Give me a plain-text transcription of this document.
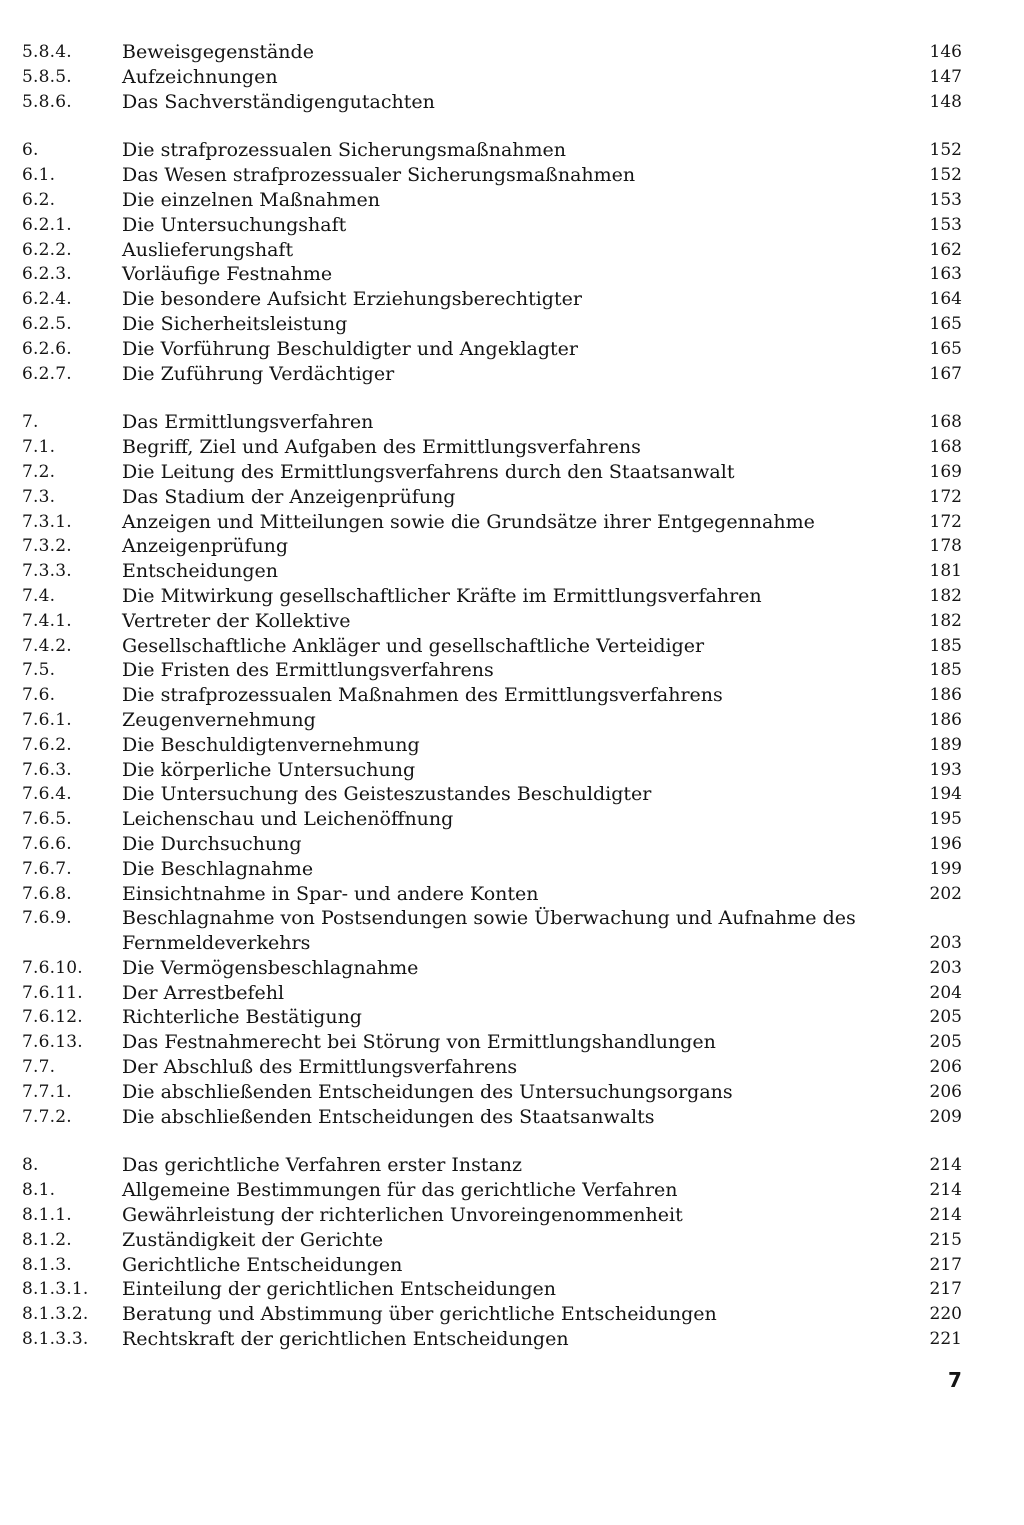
5.8.4.	Beweisgegenstände	146
5.8.5.	Aufzeichnungen	147
5.8.6.	Das Sachverständigengutachten	148
6.	Die strafprozessualen Sicherungsmaßnahmen	152
6.1.	Das Wesen strafprozessualer Sicherungsmaßnahmen	152
6.2.	Die einzelnen Maßnahmen	153
6.2.1.	Die Untersuchungshaft	153
6.2.2.	Auslieferungshaft	162
6.2.3.	Vorläufige Festnahme	163
6.2.4.	Die besondere Aufsicht Erziehungsberechtigter	164
6.2.5.	Die Sicherheitsleistung	165
6.2.6.	Die Vorführung Beschuldigter und Angeklagter	165
6.2.7.	Die Zuführung Verdächtiger	167
7.	Das Ermittlungsverfahren	168
7.1.	Begriff, Ziel und Aufgaben des Ermittlungsverfahrens	168
7.2.	Die Leitung des Ermittlungsverfahrens durch den Staatsanwalt	169
7.3.	Das Stadium der Anzeigenprüfung	172
7.3.1.	Anzeigen und Mitteilungen sowie die Grundsätze ihrer Entgegennahme	172
7.3.2.	Anzeigenprüfung	178
7.3.3.	Entscheidungen	181
7.4.	Die Mitwirkung gesellschaftlicher Kräfte im Ermittlungsverfahren	182
7.4.1.	Vertreter der Kollektive	182
7.4.2.	Gesellschaftliche Ankläger und gesellschaftliche Verteidiger	185
7.5.	Die Fristen des Ermittlungsverfahrens	185
7.6.	Die strafprozessualen Maßnahmen des Ermittlungsverfahrens	186
7.6.1.	Zeugenvernehmung	186
7.6.2.	Die Beschuldigtenvernehmung	189
7.6.3.	Die körperliche Untersuchung	193
7.6.4.	Die Untersuchung des Geisteszustandes Beschuldigter	194
7.6.5.	Leichenschau und Leichenöffnung	195
7.6.6.	Die Durchsuchung	196
7.6.7.	Die Beschlagnahme	199
7.6.8.	Einsichtnahme in Spar- und andere Konten	202
7.6.9.	Beschlagnahme von Postsendungen sowie Überwachung und Aufnahme des
Fernmeldeverkehrs	203
7.6.10.	Die Vermögensbeschlagnahme	203
7.6.11.	Der Arrestbefehl	204
7.6.12.	Richterliche Bestätigung	205
7.6.13.	Das Festnahmerecht bei Störung von Ermittlungshandlungen	205
7.7.	Der Abschluß des Ermittlungsverfahrens	206
7.7.1.	Die abschließenden Entscheidungen des Untersuchungsorgans	206
7.7.2.	Die abschließenden Entscheidungen des Staatsanwalts	209
8.	Das gerichtliche Verfahren erster Instanz	214
8.1.	Allgemeine Bestimmungen für das gerichtliche Verfahren	214
8.1.1.	Gewährleistung der richterlichen Unvoreingenommenheit	214
8.1.2.	Zuständigkeit der Gerichte	215
8.1.3.	Gerichtliche Entscheidungen	217
8.1.3.1.	Einteilung der gerichtlichen Entscheidungen	217
8.1.3.2.	Beratung und Abstimmung über gerichtliche Entscheidungen	220
8.1.3.3.	Rechtskraft der gerichtlichen Entscheidungen	221
7
